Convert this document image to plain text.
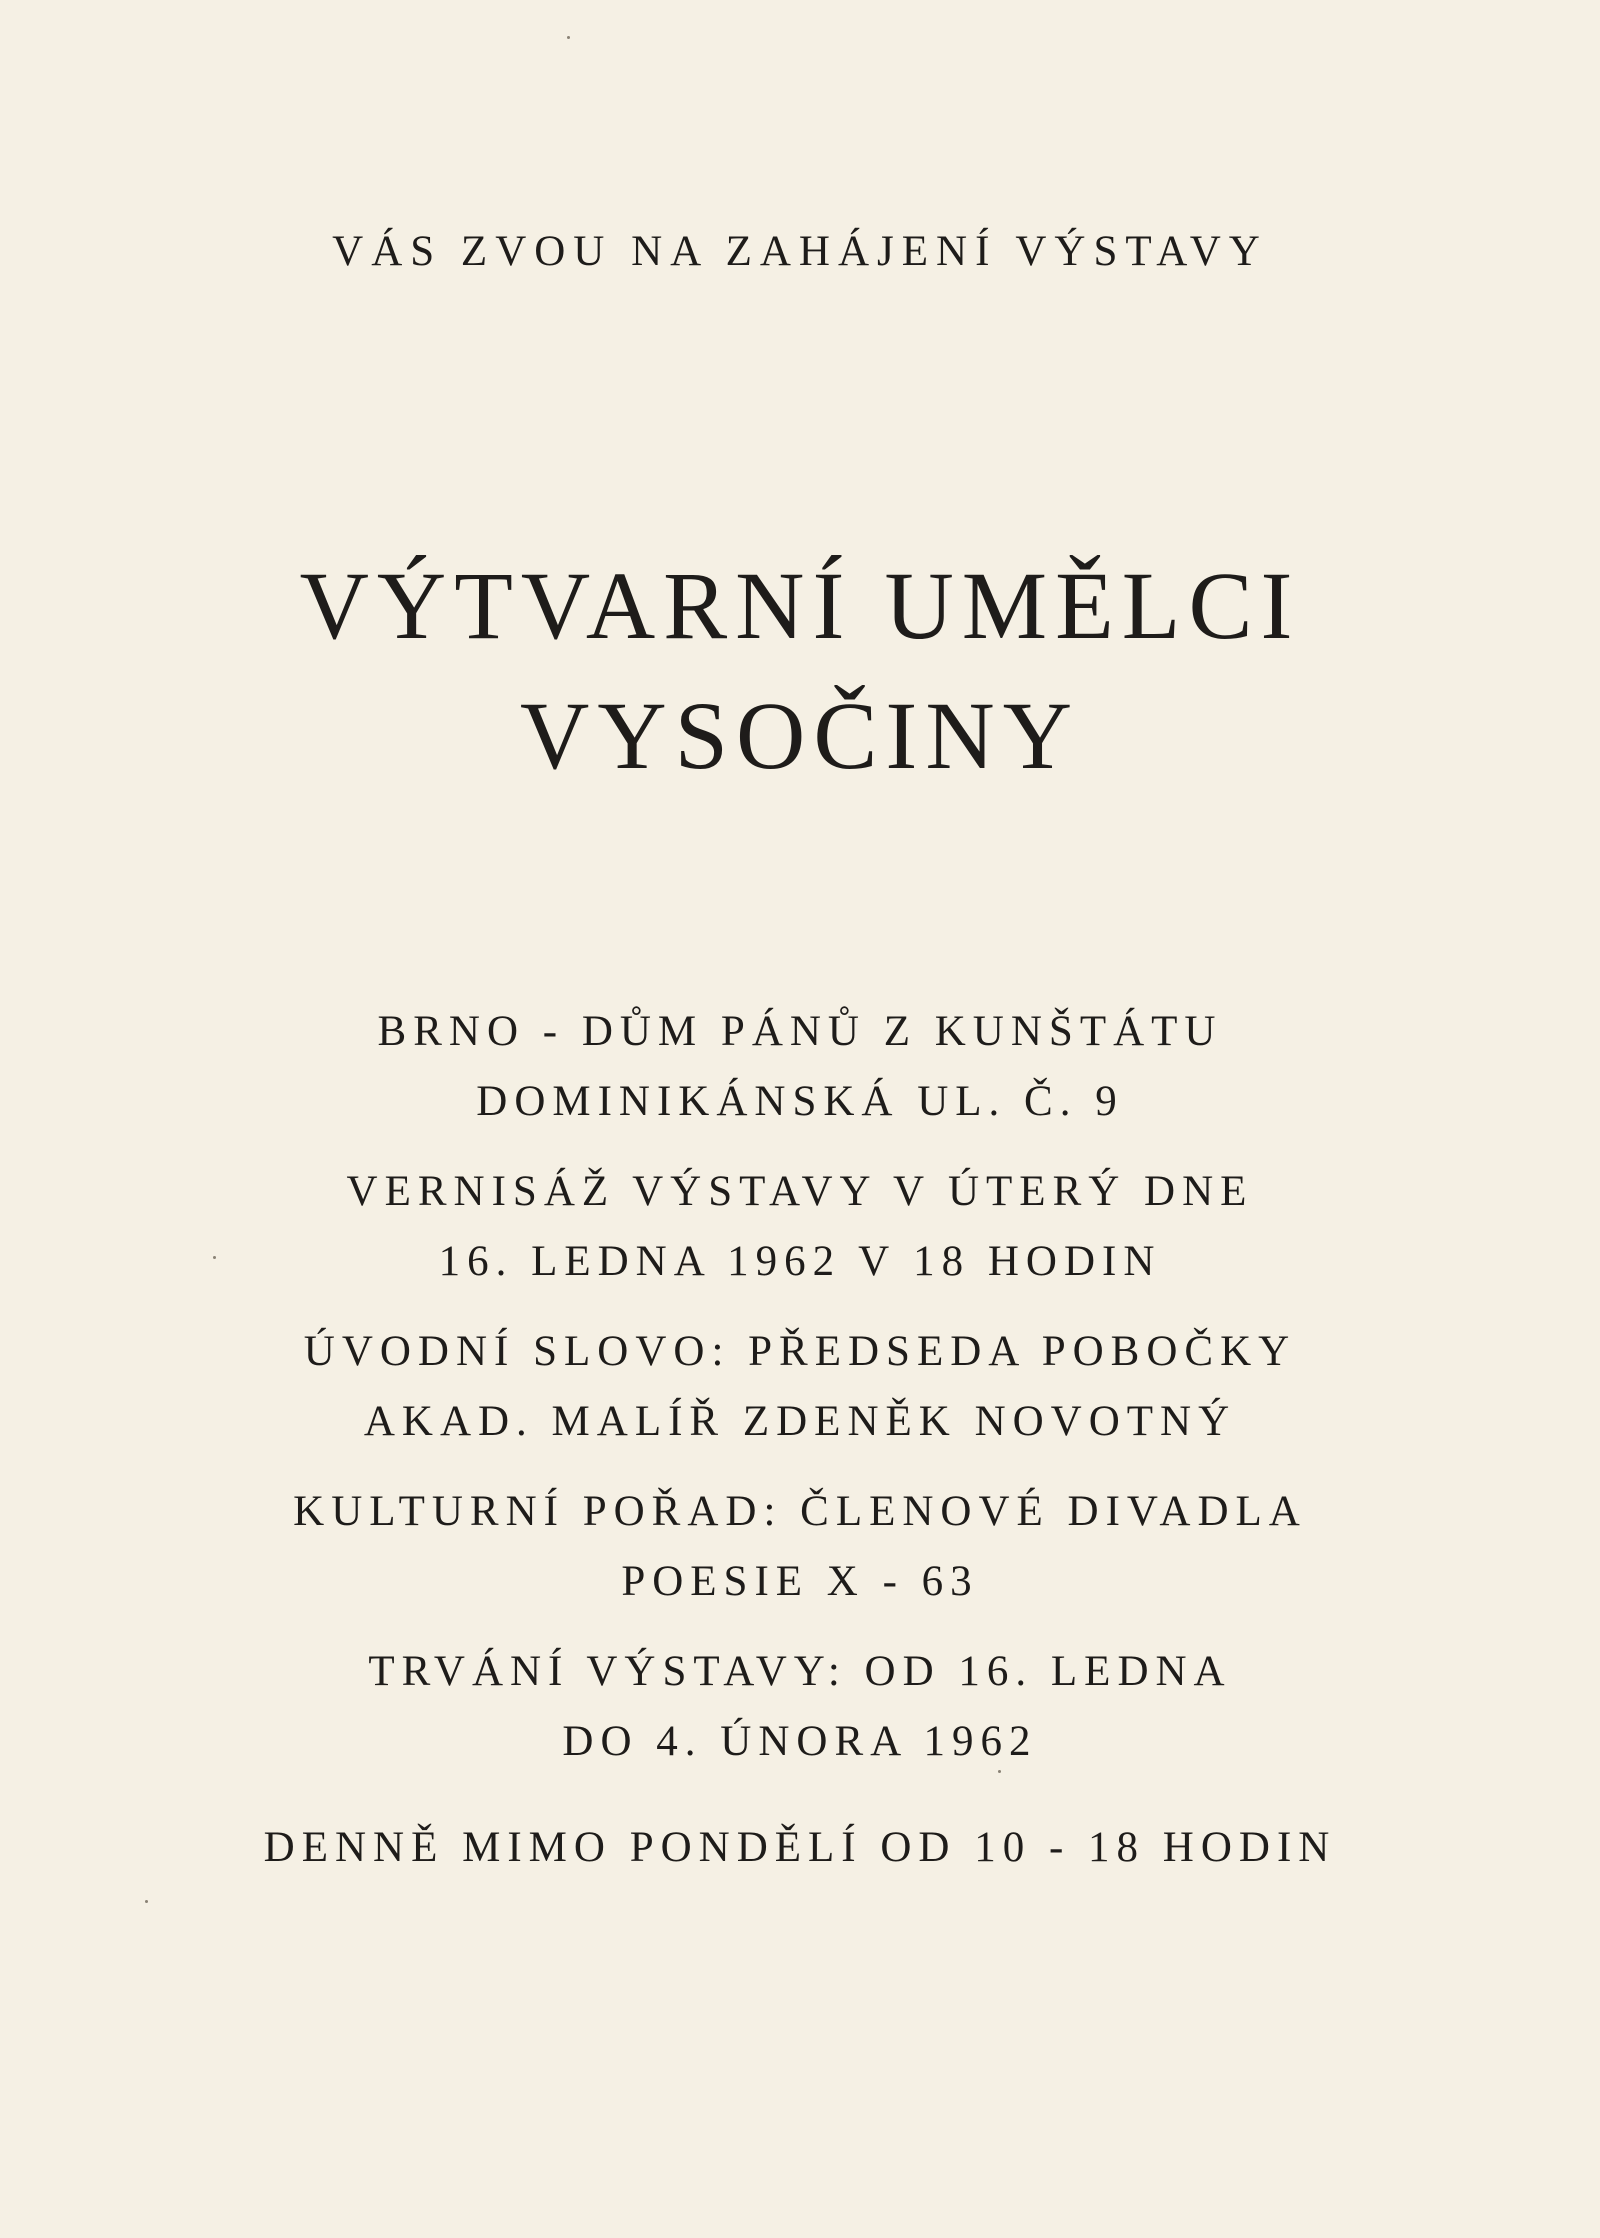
VÁS ZVOU NA ZAHÁJENÍ VÝSTAVY
VÝTVARNÍ UMĚLCI
VYSOČINY
BRNO - DŮM PÁNŮ Z KUNŠTÁTU
DOMINIKÁNSKÁ UL. Č. 9
VERNISÁŽ VÝSTAVY V ÚTERÝ DNE
16. LEDNA 1962 V 18 HODIN
ÚVODNÍ SLOVO: PŘEDSEDA POBOČKY
AKAD. MALÍŘ ZDENĚK NOVOTNÝ
KULTURNÍ POŘAD: ČLENOVÉ DIVADLA
POESIE X - 63
TRVÁNÍ VÝSTAVY: OD 16. LEDNA
DO 4. ÚNORA 1962
DENNĚ MIMO PONDĚLÍ OD 10 - 18 HODIN
